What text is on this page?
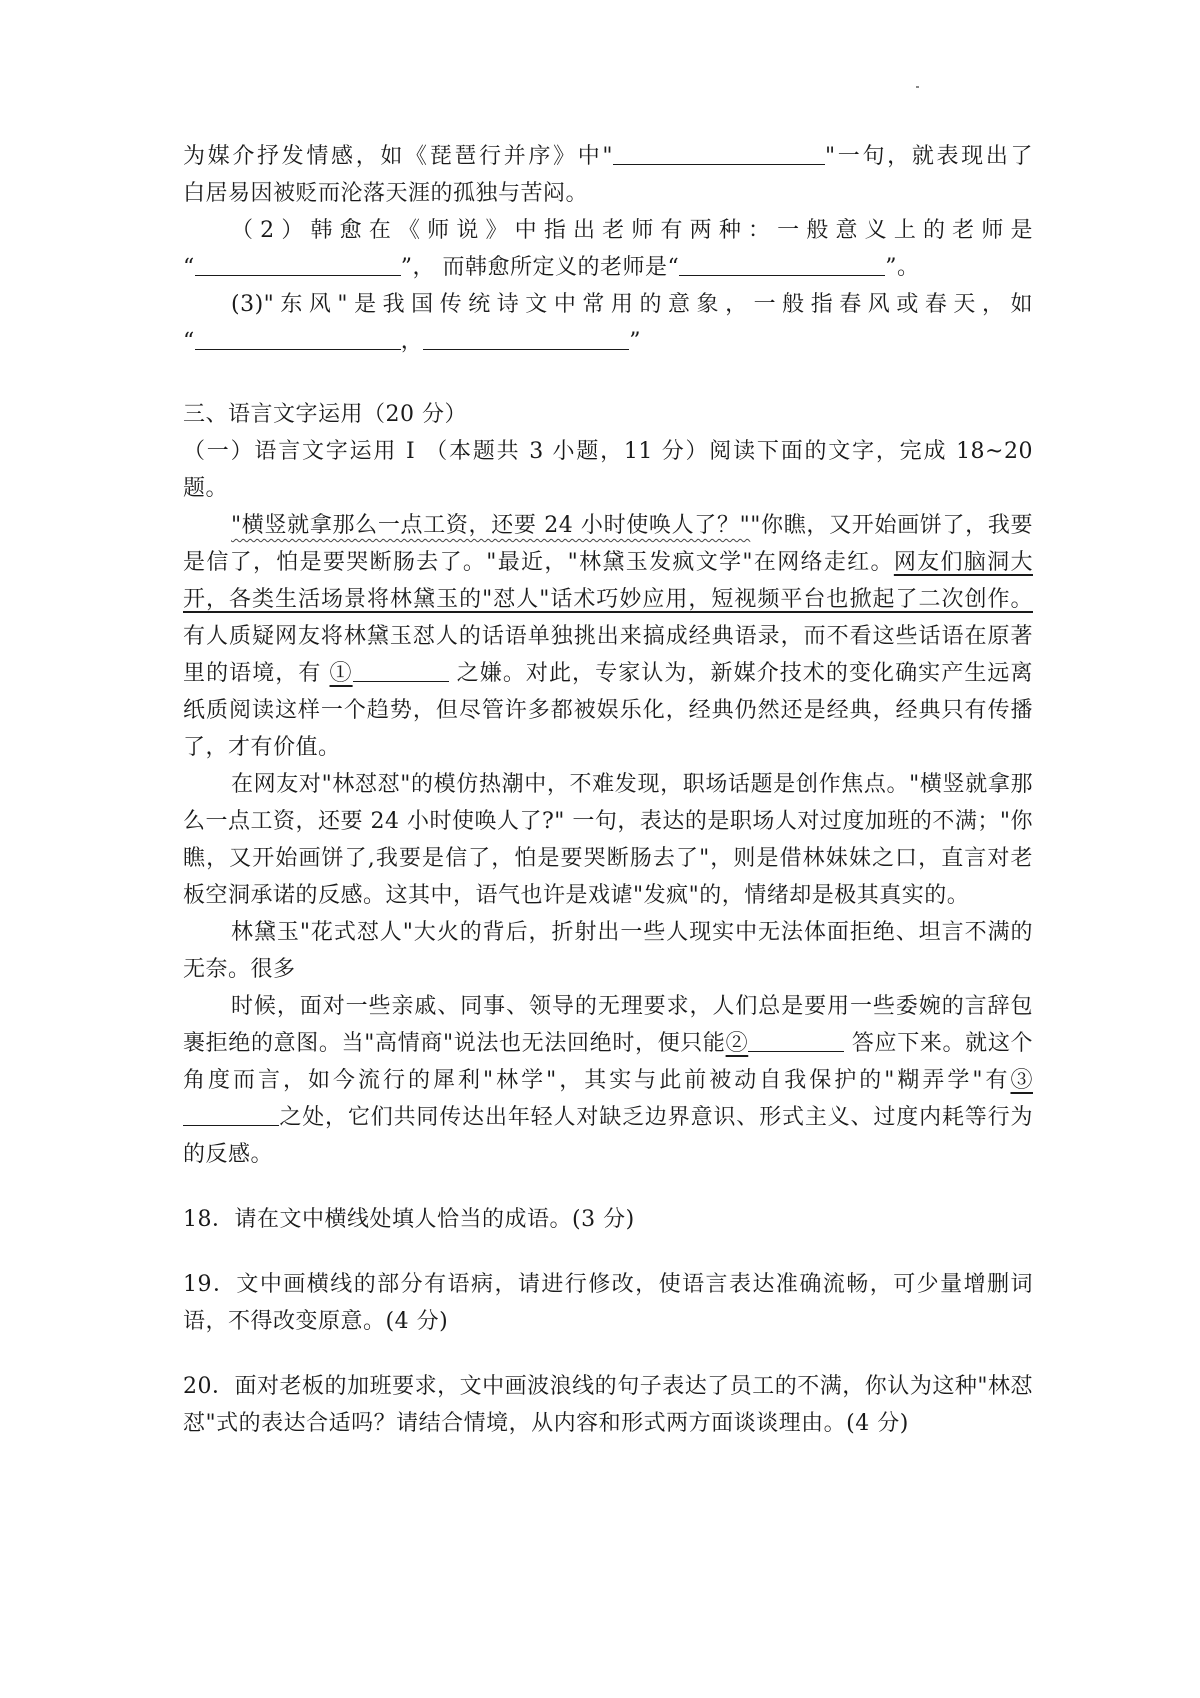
为媒介抒发情感，如《琵琶行并序》中"	"一句，就表现出了

白居易因被贬而沦落天涯的孤独与苦闷。

（2）韩愈在《师说》中指出老师有两种：一般意义上的老师是

“	”， 而韩愈所定义的老师是“	”。

(3)"东风"是我国传统诗文中常用的意象，一般指春风或春天，如

“	，	”

三、语言文字运用（20 分）

（一）语言文字运用 Ⅰ （本题共 3 小题，11 分）阅读下面的文字，完成 18~20

题。

"横竖就拿那么一点工资，还要 24 小时使唤人了？""你瞧，又开始画饼了，我要是信了，怕是要哭断肠去了。"最近，"林黛玉发疯文学"在网络走红。网友们脑洞大开，各类生活场景将林黛玉的"怼人"话术巧妙应用，短视频平台也掀起了二次创作。有人质疑网友将林黛玉怼人的话语单独挑出来搞成经典语录，而不看这些话语在原著里的语境，有 ①	之嫌。对此，专家认为，新媒介技术的变化确实产生远离纸质阅读这样一个趋势，但尽管许多都被娱乐化，经典仍然还是经典，经典只有传播了，才有价值。

在网友对"林怼怼"的模仿热潮中，不难发现，职场话题是创作焦点。"横竖就拿那么一点工资，还要 24 小时使唤人了?" 一句，表达的是职场人对过度加班的不满；"你瞧，又开始画饼了,我要是信了，怕是要哭断肠去了"，则是借林妹妹之口，直言对老板空洞承诺的反感。这其中，语气也许是戏谑"发疯"的，情绪却是极其真实的。

林黛玉"花式怼人"大火的背后，折射出一些人现实中无法体面拒绝、坦言不满的无奈。很多

时候，面对一些亲戚、同事、领导的无理要求，人们总是要用一些委婉的言辞包裹拒绝的意图。当"高情商"说法也无法回绝时，便只能②	答应下来。就这个角度而言，如今流行的犀利"林学"，其实与此前被动自我保护的"糊弄学"有③之处，它们共同传达出年轻人对缺乏边界意识、形式主义、过度内耗等行为的反感。

18．请在文中横线处填人恰当的成语。(3 分)

19．文中画横线的部分有语病，请进行修改，使语言表达准确流畅，可少量增删词语，不得改变原意。(4 分)

20．面对老板的加班要求，文中画波浪线的句子表达了员工的不满，你认为这种"林怼怼"式的表达合适吗？请结合情境，从内容和形式两方面谈谈理由。(4 分)
